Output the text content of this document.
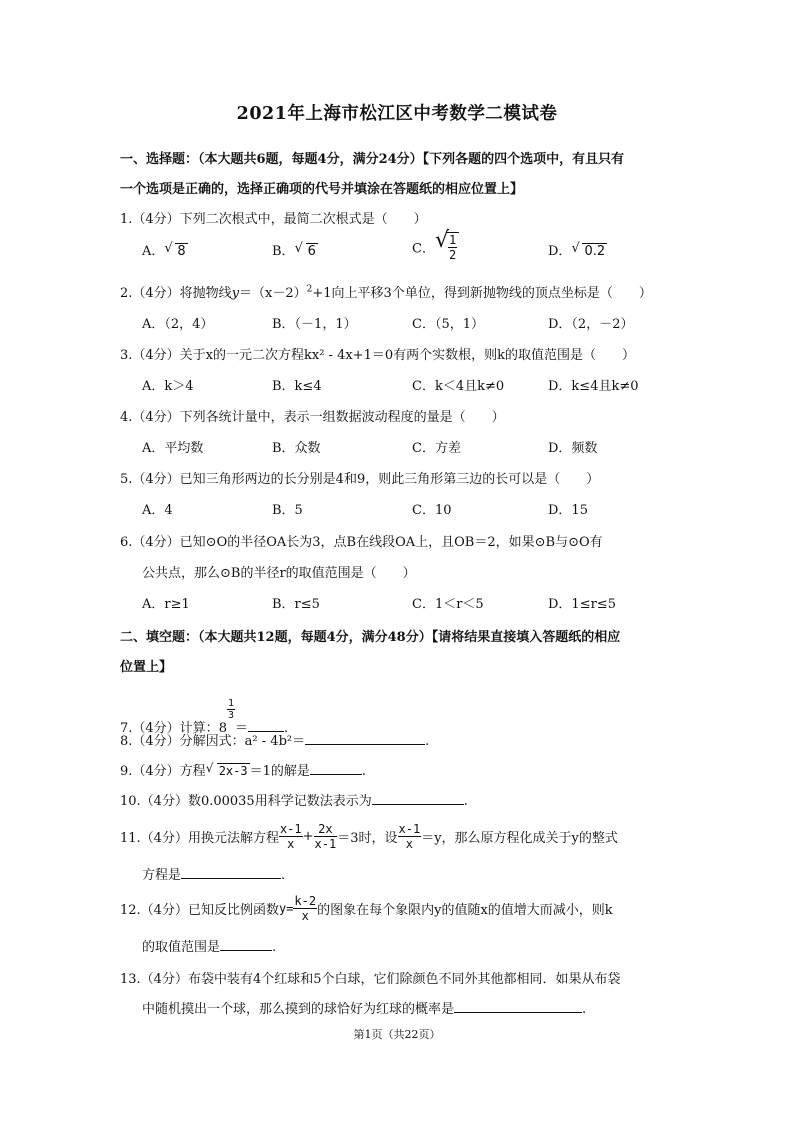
2021年上海市松江区中考数学二模试卷
一、选择题：（本大题共6题，每题4分，满分24分）【下列各题的四个选项中，有且只有
一个选项是正确的，选择正确项的代号并填涂在答题纸的相应位置上】
1.（4分）下列二次根式中，最简二次根式是（　　）
A． √ 8	B． √ 6	C． √
$\frac{1}{2}$	D． √ 0.2
2.（4分）将抛物线$y=(x-2)^2+1$向上平移3个单位，得到新抛物线的顶点坐标是（　　）
A．（2，4）	B．（－1，1）	C．（5，1）	D．（2，－2）
3.（4分）关于x的一元二次方程kx² - 4x+1＝0有两个实数根，则k的取值范围是（　　）
A．k＞4	B．k≤4	C．k＜4且k≠0	D．k≤4且k≠0
4.（4分）下列各统计量中，表示一组数据波动程度的量是（　　）
A．平均数	B．众数	C．方差	D．频数
5.（4分）已知三角形两边的长分别是4和9，则此三角形第三边的长可以是（　　）
A．4	B．5	C．10	D．15
6.（4分）已知⊙O的半径OA长为3，点B在线段OA上，且OB＝2，如果⊙B与⊙O有
公共点，那么⊙B的半径r的取值范围是（　　）
A．r≥1	B．r≤5	C．1＜r＜5	D．1≤r≤5
二、填空题：（本大题共12题，每题4分，满分48分）【请将结果直接填入答题纸的相应
位置上】
7.（4分）计算：8
$\frac{1}{3}$
＝	.
8.（4分）分解因式：a² - 4b²＝	.
9.（4分）方程 √ 2x-3 ＝1的解是	.
10.（4分）数0.00035用科学记数法表示为	.
11.（4分）用换元法解方程 $\frac{x-1}{x} + \frac{2x}{x-1} =3$时，设 $\frac{x-1}{x} =y$，那么原方程化成关于y的整式
方程是	.
12.（4分）已知反比例函数$y= \frac{k-2}{x}$ 的图象在每个象限内y的值随x的值增大而减小，则k
的取值范围是	.
13.（4分）布袋中装有4个红球和5个白球，它们除颜色不同外其他都相同．如果从布袋
中随机摸出一个球，那么摸到的球恰好为红球的概率是	.
第1页（共22页）
